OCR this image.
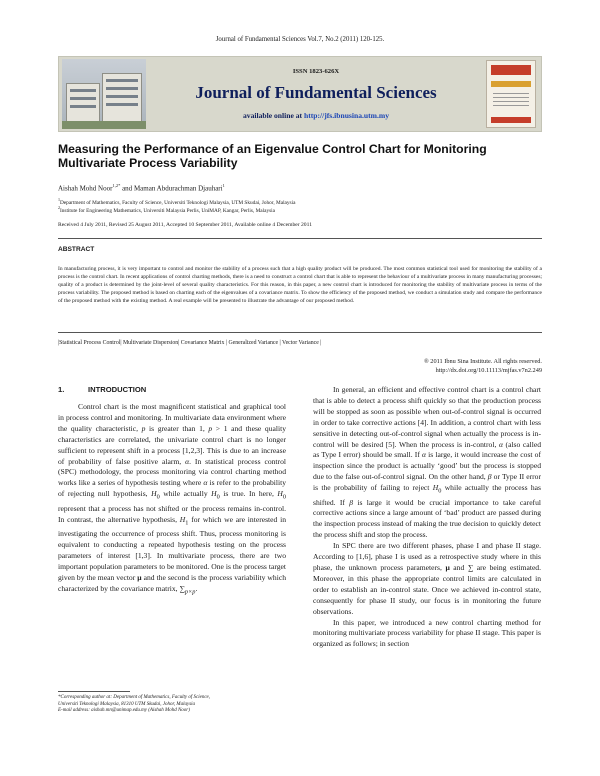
Journal of Fundamental Sciences Vol.7, No.2 (2011) 120-125.
ISSN 1823-626X
Journal of Fundamental Sciences
available online at http://jfs.ibnusina.utm.my
Measuring the Performance of an Eigenvalue Control Chart for Monitoring Multivariate Process Variability
Aishah Mohd Noor$^{1,2*}$ and Maman Abdurachman Djauhari$^1$
$^1$Department of Mathematics, Faculty of Science, Universiti Teknologi Malaysia, UTM Skudai, Johor, Malaysia
$^2$Institute for Engineering Mathematics, Universiti Malaysia Perlis, UniMAP, Kangar, Perlis, Malaysia
Received 4 July 2011, Revised 25 August 2011, Accepted 10 September 2011, Available online 4 December 2011
ABSTRACT
In manufacturing process, it is very important to control and monitor the stability of a process such that a high quality product will be produced. The most common statistical tool used for monitoring the stability of a process is the control chart. In recent applications of control charting methods, there is a need to construct a control chart that is able to represent the behaviour of a multivariate process in many manufacturing processes; quality of a product is determined by the joint-level of several quality characteristics. For this reason, in this paper, a new control chart is introduced for monitoring the stability of multivariate process in terms of the process variability. The proposed method is based on charting each of the eigenvalues of a covariance matrix. To show the efficiency of the proposed method, we conduct a simulation study and compare the performance of the proposed method with the existing method. A real example will be presented to illustrate the advantage of our proposed method.
|Statistical Process Control| Multivariate Dispersion| Covariance Matrix | Generalized Variance | Vector Variance |
® 2011 Ibnu Sina Institute. All rights reserved.
http://dx.doi.org/10.11113/mjfas.v7n2.249
1.	INTRODUCTION

Control chart is the most magnificent statistical and graphical tool in process control and monitoring. In multivariate data environment where the quality characteristic, p is greater than 1, p > 1 and these quality characteristics are correlated, the univariate control chart is no longer sufficient to represent shift in a process [1,2,3]. This is due to an increase of probability of false positive alarm, α. In statistical process control (SPC) methodology, the process monitoring via control charting method works like a series of hypothesis testing where α is refer to the probability of rejecting null hypothesis, $H_0$ while actually $H_0$ is true. In here, $H_0$ represent that a process has not shifted or the process remains in-control. In contrast, the alternative hypothesis, $H_1$ for which we are interested in investigating the occurrence of process shift. Thus, process monitoring is equivalent to conducting a repeated hypothesis testing on the process parameters of interest [1,3]. In multivariate process, there are two important population parameters to be monitored. One is the process target given by the mean vector μ and the second is the process variability which characterized by the covariance matrix, $\sum_{p\times p}$.

In general, an efficient and effective control chart is a control chart that is able to detect a process shift quickly so that the production process will be stopped as soon as possible when out-of-control signal is occurred in order to take corrective actions [4]. In addition, a control chart with less sensitive in detecting out-of-control signal when actually the process is in-control will be desired [5]. When the process is in-control, α (also called as Type I error) should be small. If α is large, it would increase the cost of inspection since the product is actually ‘good’ but the process is stopped due to the false out-of-control signal. On the other hand, β or Type II error is the probability of failing to reject $H_0$ while actually the process has shifted. If β is large it would be crucial importance to take careful corrective actions since a large amount of ‘bad’ product are passed during the inspection process instead of making the true decision to quickly detect the process shift and stop the process.

In SPC there are two different phases, phase I and phase II stage. According to [1,6], phase I is used as a retrospective study where in this phase, the unknown process parameters, μ and ∑ are being estimated. Moreover, in this phase the appropriate control limits are calculated in order to establish an in-control state. Once we achieved in-control state, consequently for phase II study, our focus is in monitoring the future observations.

In this paper, we introduced a new control charting method for monitoring multivariate process variability for phase II stage. This paper is organized as follows; in section

*Corresponding author at: Department of Mathematics, Faculty of Science,
Universiti Teknologi Malaysia, 81310 UTM Skudai, Johor, Malaysia
E-mail address: aishah.mn@unimap.edu.my (Aishah Mohd Noor)
